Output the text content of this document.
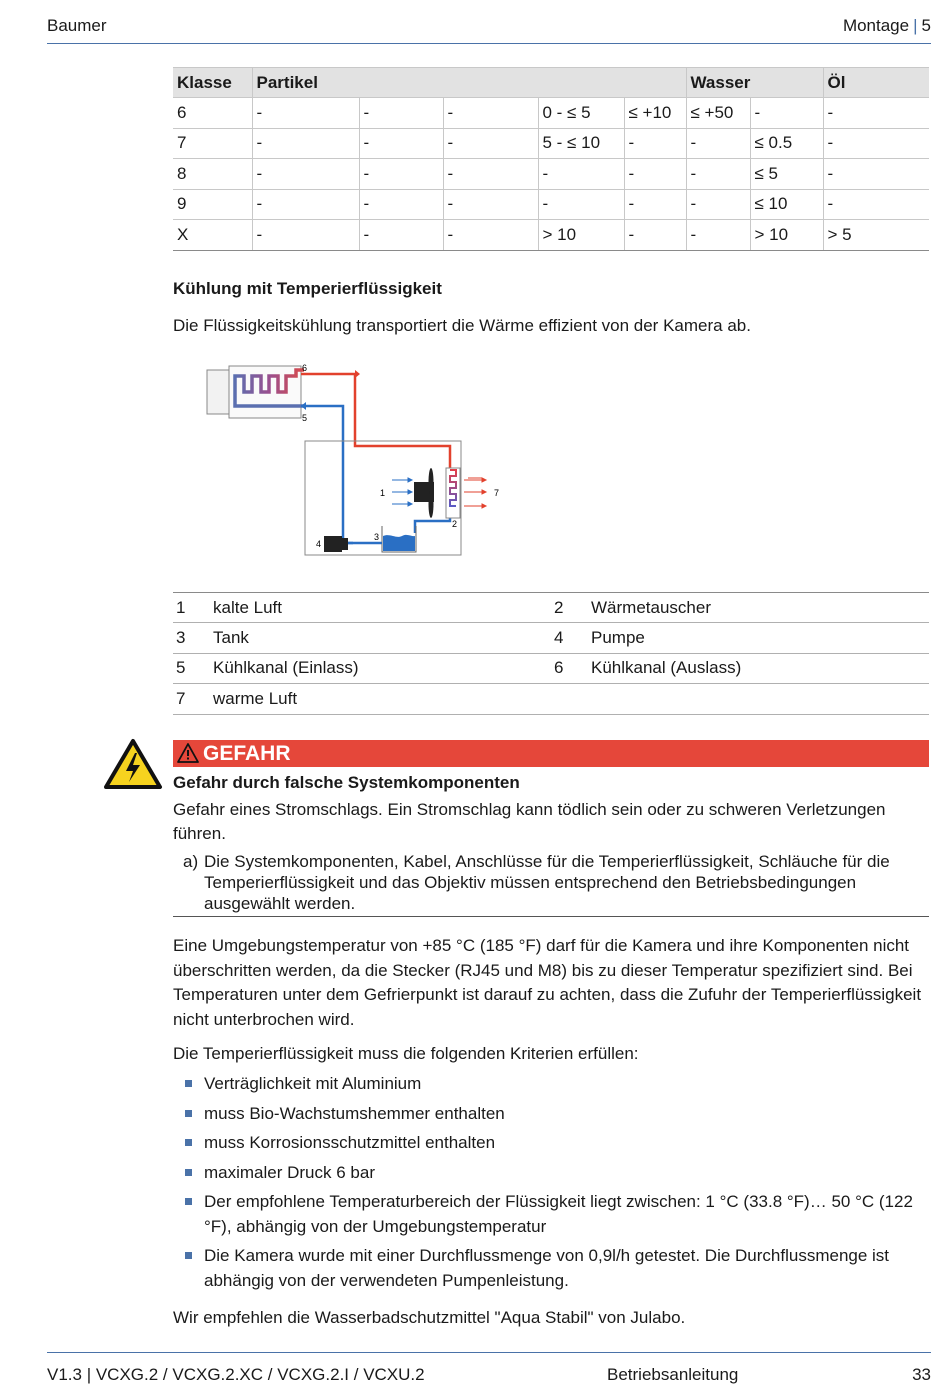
Baumer	Montage | 5
Klasse	Partikel					Wasser		Öl
6	-	-	-	0 - ≤ 5	≤ +10	≤ +50	-	-
7	-	-	-	5 - ≤ 10	-	-	≤ 0.5	-
8	-	-	-	-	-	-	≤ 5	-
9	-	-	-	-	-	-	≤ 10	-
X	-	-	-	> 10	-	-	> 10	> 5
Kühlung mit Temperierflüssigkeit
Die Flüssigkeitskühlung transportiert die Wärme effizient von der Kamera ab.
6
5
1	7
2
3
4
1	kalte Luft	2	Wärmetauscher
3	Tank	4	Pumpe
5	Kühlkanal (Einlass)	6	Kühlkanal (Auslass)
7	warme Luft		
GEFAHR
Gefahr durch falsche Systemkomponenten
Gefahr eines Stromschlags. Ein Stromschlag kann tödlich sein oder zu schweren Verletzungen führen.
a) Die Systemkomponenten, Kabel, Anschlüsse für die Temperierflüssigkeit, Schläuche für die Temperierflüssigkeit und das Objektiv müssen entsprechend den Betriebsbedingungen ausgewählt werden.
Eine Umgebungstemperatur von +85 °C (185 °F) darf für die Kamera und ihre Komponenten nicht überschritten werden, da die Stecker (RJ45 und M8) bis zu dieser Temperatur spezifiziert sind. Bei Temperaturen unter dem Gefrierpunkt ist darauf zu achten, dass die Zufuhr der Temperierflüssigkeit nicht unterbrochen wird.
Die Temperierflüssigkeit muss die folgenden Kriterien erfüllen:
Verträglichkeit mit Aluminium
muss Bio-Wachstumshemmer enthalten
muss Korrosionsschutzmittel enthalten
maximaler Druck 6 bar
Der empfohlene Temperaturbereich der Flüssigkeit liegt zwischen: 1 °C (33.8 °F)… 50 °C (122 °F), abhängig von der Umgebungstemperatur
Die Kamera wurde mit einer Durchflussmenge von 0,9l/h getestet. Die Durchflussmenge ist abhängig von der verwendeten Pumpenleistung.
Wir empfehlen die Wasserbadschutzmittel "Aqua Stabil" von Julabo.
V1.3 | VCXG.2 / VCXG.2.XC / VCXG.2.I / VCXU.2	Betriebsanleitung	33
